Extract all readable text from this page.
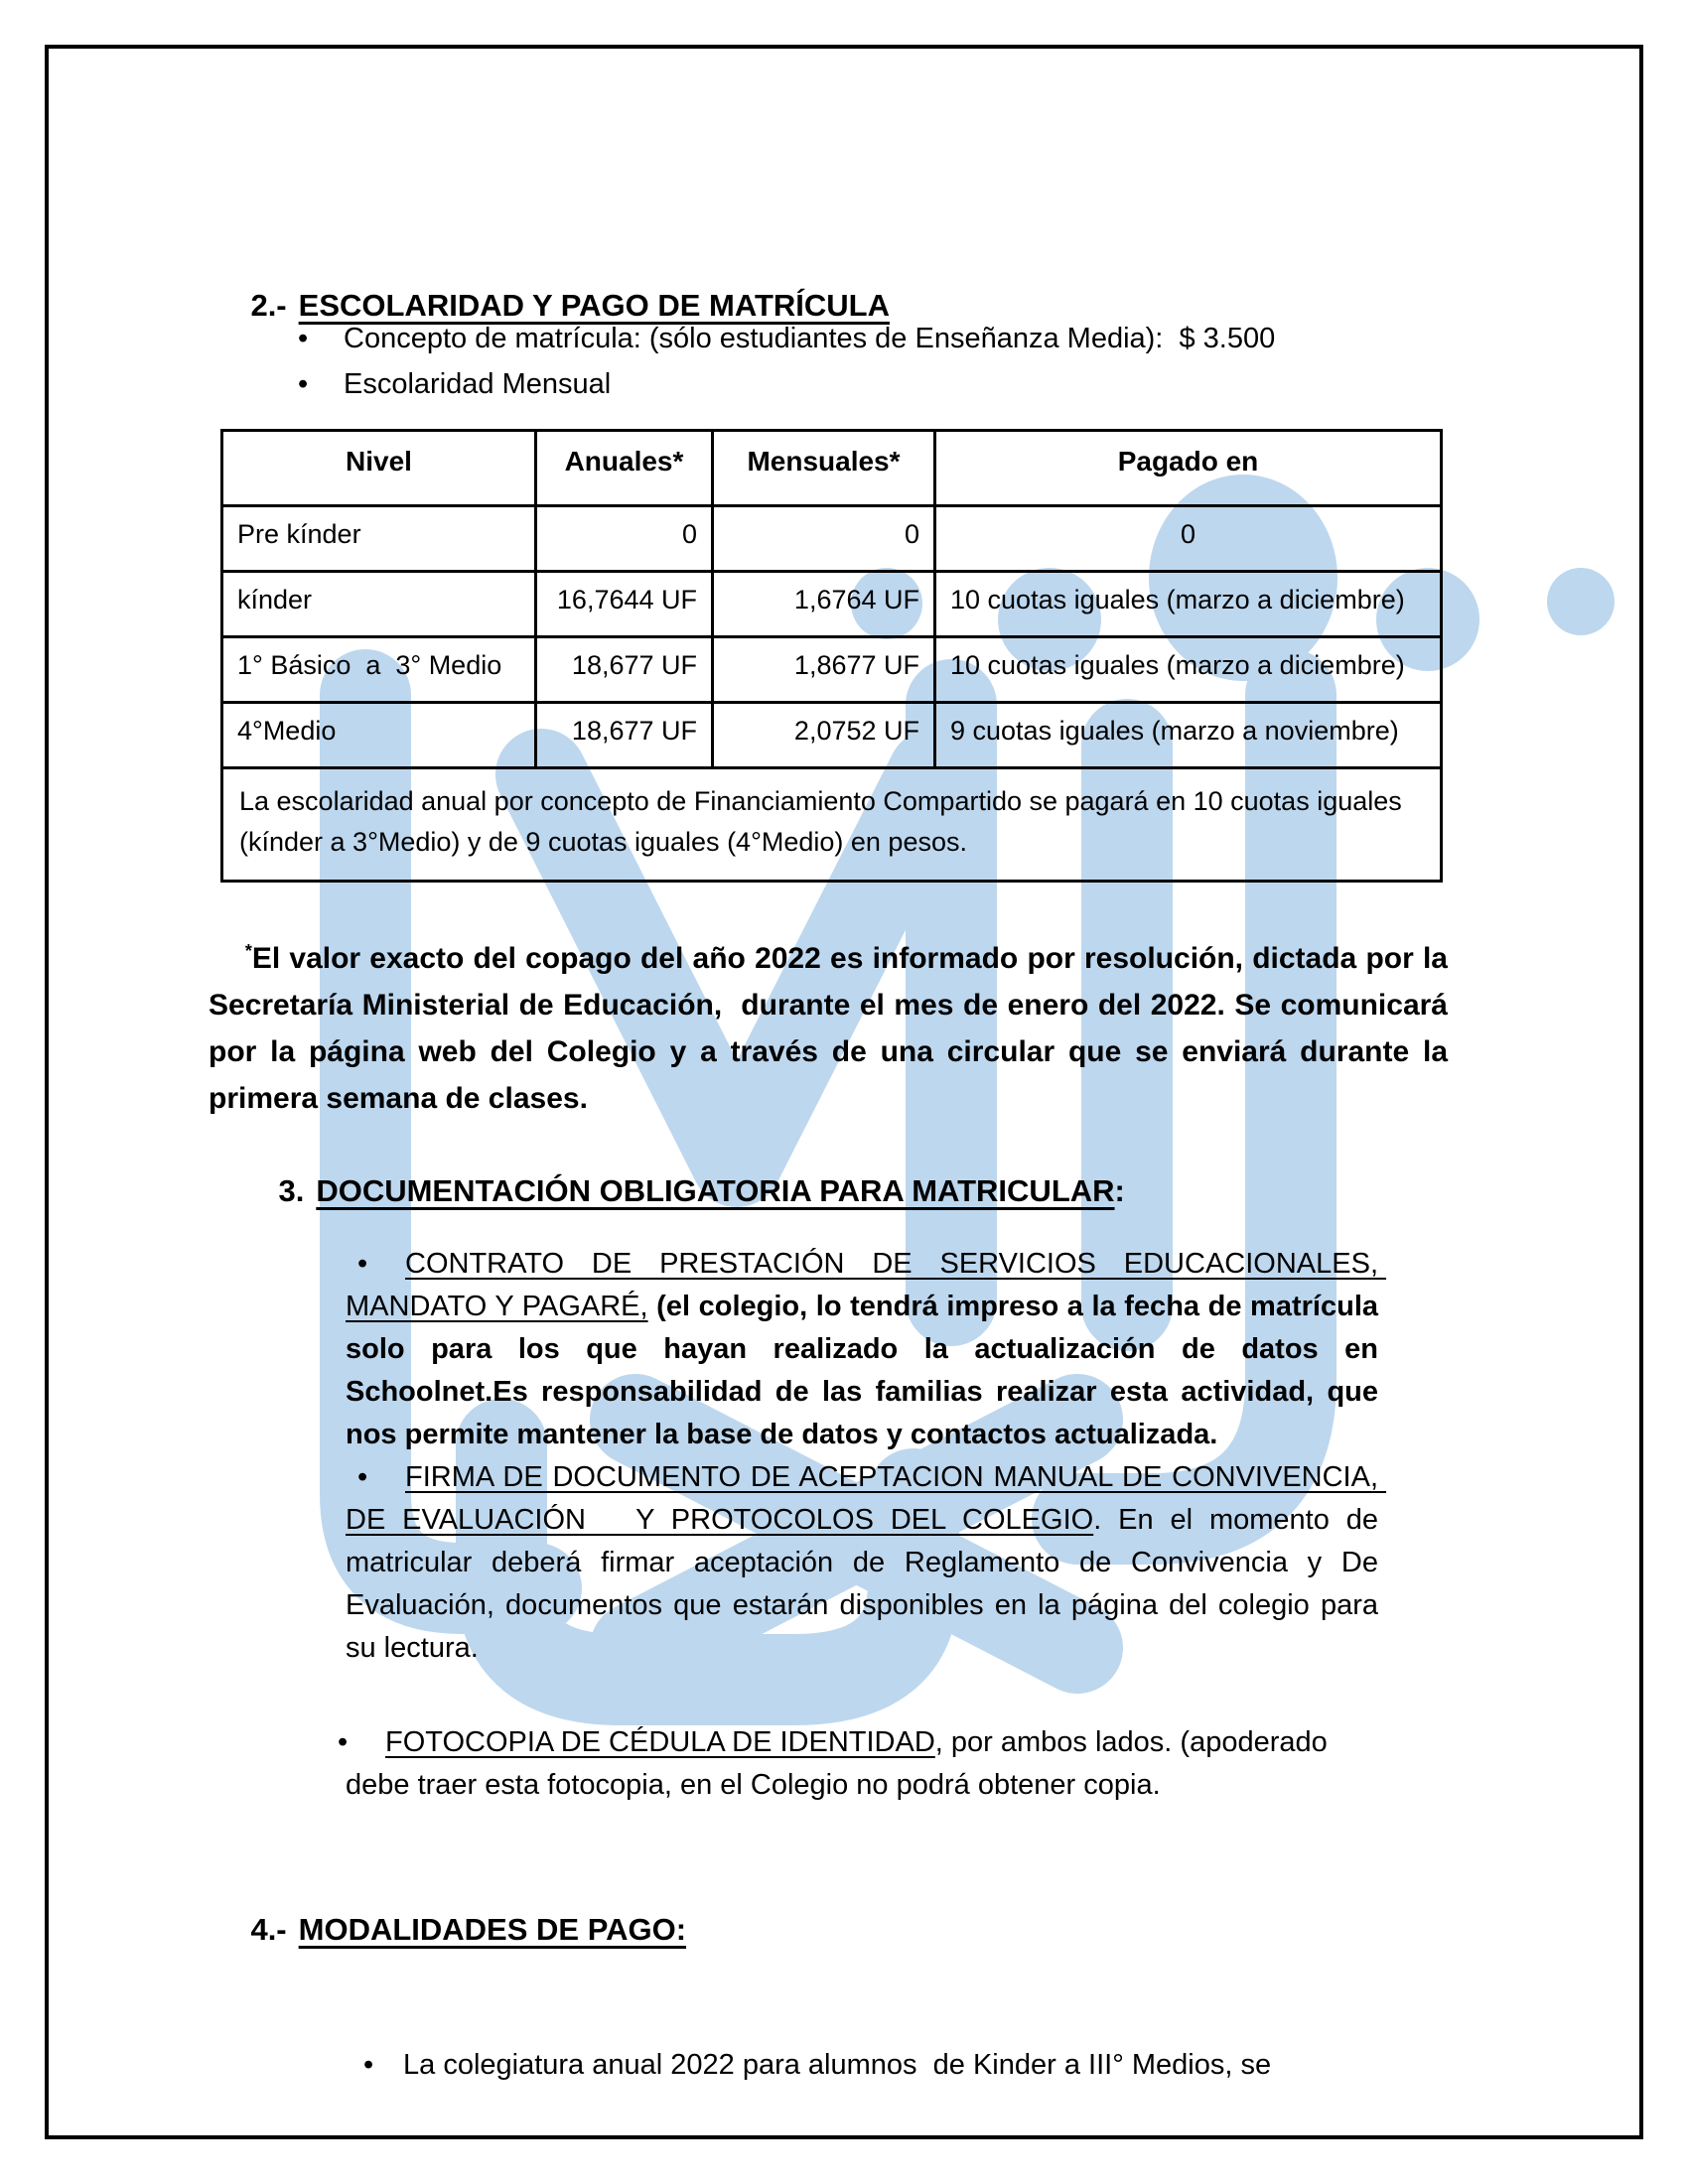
2.- ESCOLARIDAD Y PAGO DE MATRÍCULA

• Concepto de matrícula: (sólo estudiantes de Enseñanza Media):  $ 3.500
• Escolaridad Mensual
Nivel	Anuales*	Mensuales*	Pagado en
Pre kínder	0	0	0
kínder	16,7644 UF	1,6764 UF	10 cuotas iguales (marzo a diciembre)
1° Básico  a  3° Medio	18,677 UF	1,8677 UF	10 cuotas iguales (marzo a diciembre)
4°Medio	18,677 UF	2,0752 UF	9 cuotas iguales (marzo a noviembre)
La escolaridad anual por concepto de Financiamiento Compartido se pagará en 10 cuotas iguales (kínder a 3°Medio) y de 9 cuotas iguales (4°Medio) en pesos.			

*El valor exacto del copago del año 2022 es informado por resolución, dictada por la Secretaría Ministerial de Educación,  durante el mes de enero del 2022. Se comunicará por la página web del Colegio y a través de una circular que se enviará durante la primera semana de clases.

3. DOCUMENTACIÓN OBLIGATORIA PARA MATRICULAR:

• CONTRATO DE PRESTACIÓN DE SERVICIOS EDUCACIONALES, MANDATO Y PAGARÉ, (el colegio, lo tendrá impreso a la fecha de matrícula solo para los que hayan realizado la actualización de datos en Schoolnet.Es responsabilidad de las familias realizar esta actividad, que nos permite mantener la base de datos y contactos actualizada.
• FIRMA DE DOCUMENTO DE ACEPTACION MANUAL DE CONVIVENCIA, DE EVALUACIÓN   Y PROTOCOLOS DEL COLEGIO. En el momento de matricular deberá firmar aceptación de Reglamento de Convivencia y De Evaluación, documentos que estarán disponibles en la página del colegio para su lectura.
• FOTOCOPIA DE CÉDULA DE IDENTIDAD, por ambos lados. (apoderado debe traer esta fotocopia, en el Colegio no podrá obtener copia.

4.- MODALIDADES DE PAGO:

• La colegiatura anual 2022 para alumnos  de Kinder a III° Medios, se
